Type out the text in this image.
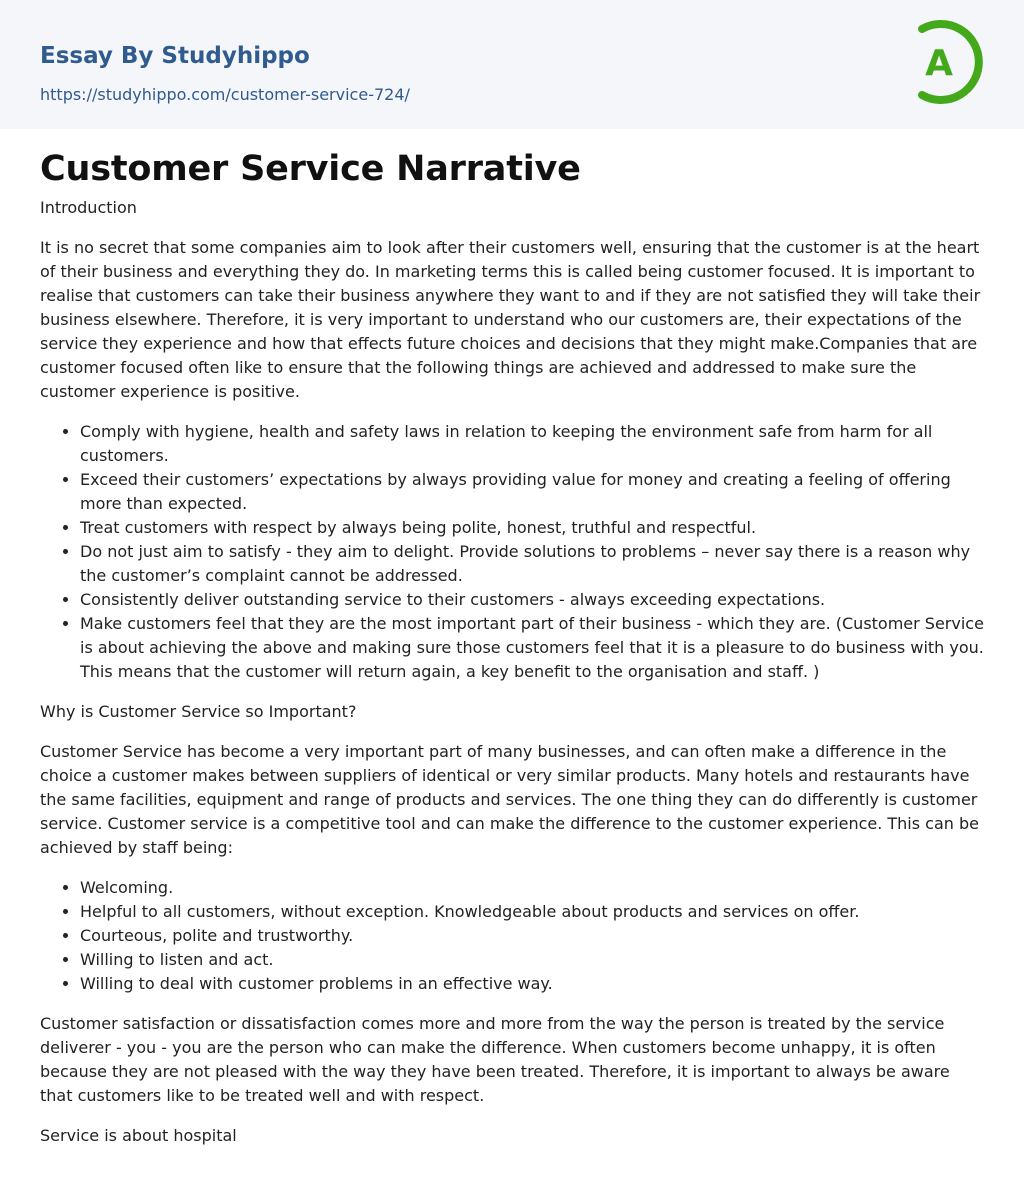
Essay By Studyhippo
https://studyhippo.com/customer-service-724/
A
Customer Service Narrative

Introduction

It is no secret that some companies aim to look after their customers well, ensuring that the customer is at the heart of their business and everything they do. In marketing terms this is called being customer focused. It is important to realise that customers can take their business anywhere they want to and if they are not satisfied they will take their business elsewhere. Therefore, it is very important to understand who our customers are, their expectations of the service they experience and how that effects future choices and decisions that they might make.Companies that are customer focused often like to ensure that the following things are achieved and addressed to make sure the customer experience is positive.

• Comply with hygiene, health and safety laws in relation to keeping the environment safe from harm for all customers.
• Exceed their customers’ expectations by always providing value for money and creating a feeling of offering more than expected.
• Treat customers with respect by always being polite, honest, truthful and respectful.
• Do not just aim to satisfy - they aim to delight. Provide solutions to problems – never say there is a reason why the customer’s complaint cannot be addressed.
• Consistently deliver outstanding service to their customers - always exceeding expectations.
• Make customers feel that they are the most important part of their business - which they are. (Customer Service is about achieving the above and making sure those customers feel that it is a pleasure to do business with you. This means that the customer will return again, a key benefit to the organisation and staff. )

Why is Customer Service so Important?

Customer Service has become a very important part of many businesses, and can often make a difference in the choice a customer makes between suppliers of identical or very similar products. Many hotels and restaurants have the same facilities, equipment and range of products and services. The one thing they can do differently is customer service. Customer service is a competitive tool and can make the difference to the customer experience. This can be achieved by staff being:

• Welcoming.
• Helpful to all customers, without exception. Knowledgeable about products and services on offer.
• Courteous, polite and trustworthy.
• Willing to listen and act.
• Willing to deal with customer problems in an effective way.

Customer satisfaction or dissatisfaction comes more and more from the way the person is treated by the service deliverer - you - you are the person who can make the difference. When customers become unhappy, it is often because they are not pleased with the way they have been treated. Therefore, it is important to always be aware that customers like to be treated well and with respect.

Service is about hospital
